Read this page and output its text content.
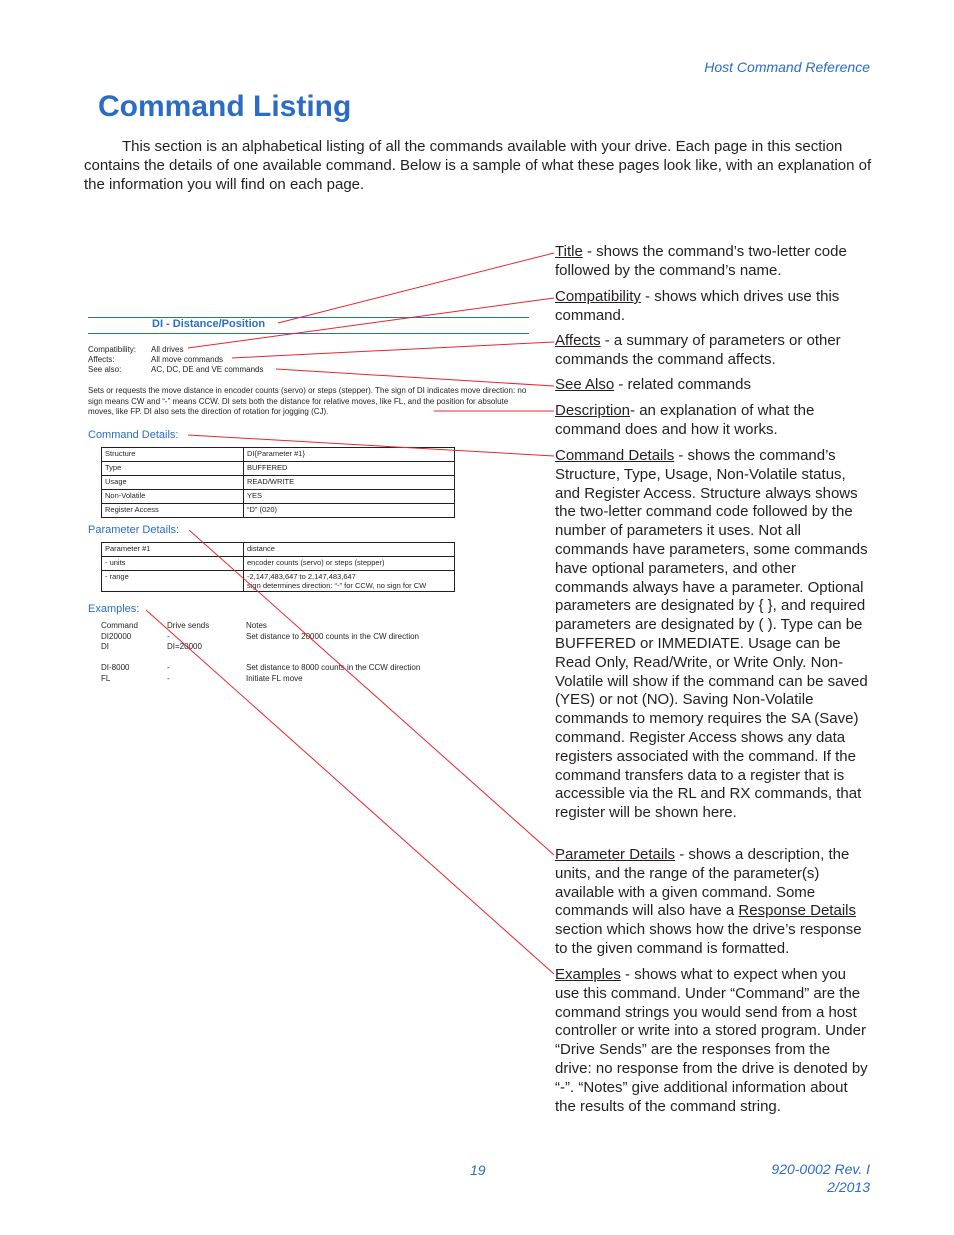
Host Command Reference
Command Listing
This section is an alphabetical listing of all the commands available with your drive. Each page in this section contains the details of one available command. Below is a sample of what these pages look like, with an explanation of the information you will find on each page.
DI - Distance/Position
Compatibility: All drives
Affects:	All move commands
See also:	AC, DC, DE and VE commands
Sets or requests the move distance in encoder counts (servo) or steps (stepper). The sign of DI indicates move direction: no sign means CW and “-” means CCW. DI sets both the distance for relative moves, like FL, and the position for absolute moves, like FP. DI also sets the direction of rotation for jogging (CJ).
Command Details:
Structure	DI{Parameter #1}
Type	BUFFERED
Usage	READ/WRITE
Non-Volatile	YES
Register Access	“D” (020)
Parameter Details:
Parameter #1	distance
- units	encoder counts (servo) or steps (stepper)
- range	-2,147,483,647 to 2,147,483,647
sign determines direction: “-” for CCW, no sign for CW
Examples:
Command	Drive sends	Notes
DI20000	-	Set distance to 20000 counts in the CW direction
DI	DI=20000
DI-8000	-	Set distance to 8000 counts in the CCW direction
FL	-	Initiate FL move
Title - shows the command’s two-letter code followed by the command’s name.
Compatibility - shows which drives use this command.
Affects - a summary of parameters or other commands the command affects.
See Also - related commands
Description- an explanation of what the command does and how it works.
Command Details - shows the command’s Structure, Type, Usage, Non-Volatile status, and Register Access. Structure always shows the two-letter command code followed by the number of parameters it uses. Not all commands have parameters, some commands have optional parameters, and other commands always have a parameter. Optional parameters are designated by { }, and required parameters are designated by ( ). Type can be BUFFERED or IMMEDIATE. Usage can be Read Only, Read/Write, or Write Only. Non-Volatile will show if the command can be saved (YES) or not (NO). Saving Non-Volatile commands to memory requires the SA (Save) command. Register Access shows any data registers associated with the command. If the command transfers data to a register that is accessible via the RL and RX commands, that register will be shown here.
Parameter Details - shows a description, the units, and the range of the parameter(s) available with a given command. Some commands will also have a Response Details section which shows how the drive’s response to the given command is formatted.
Examples - shows what to expect when you use this command. Under “Command” are the command strings you would send from a host controller or write into a stored program. Under “Drive Sends” are the responses from the drive: no response from the drive is denoted by “-”. “Notes” give additional information about the results of the command string.
19	920-0002 Rev. I
2/2013
